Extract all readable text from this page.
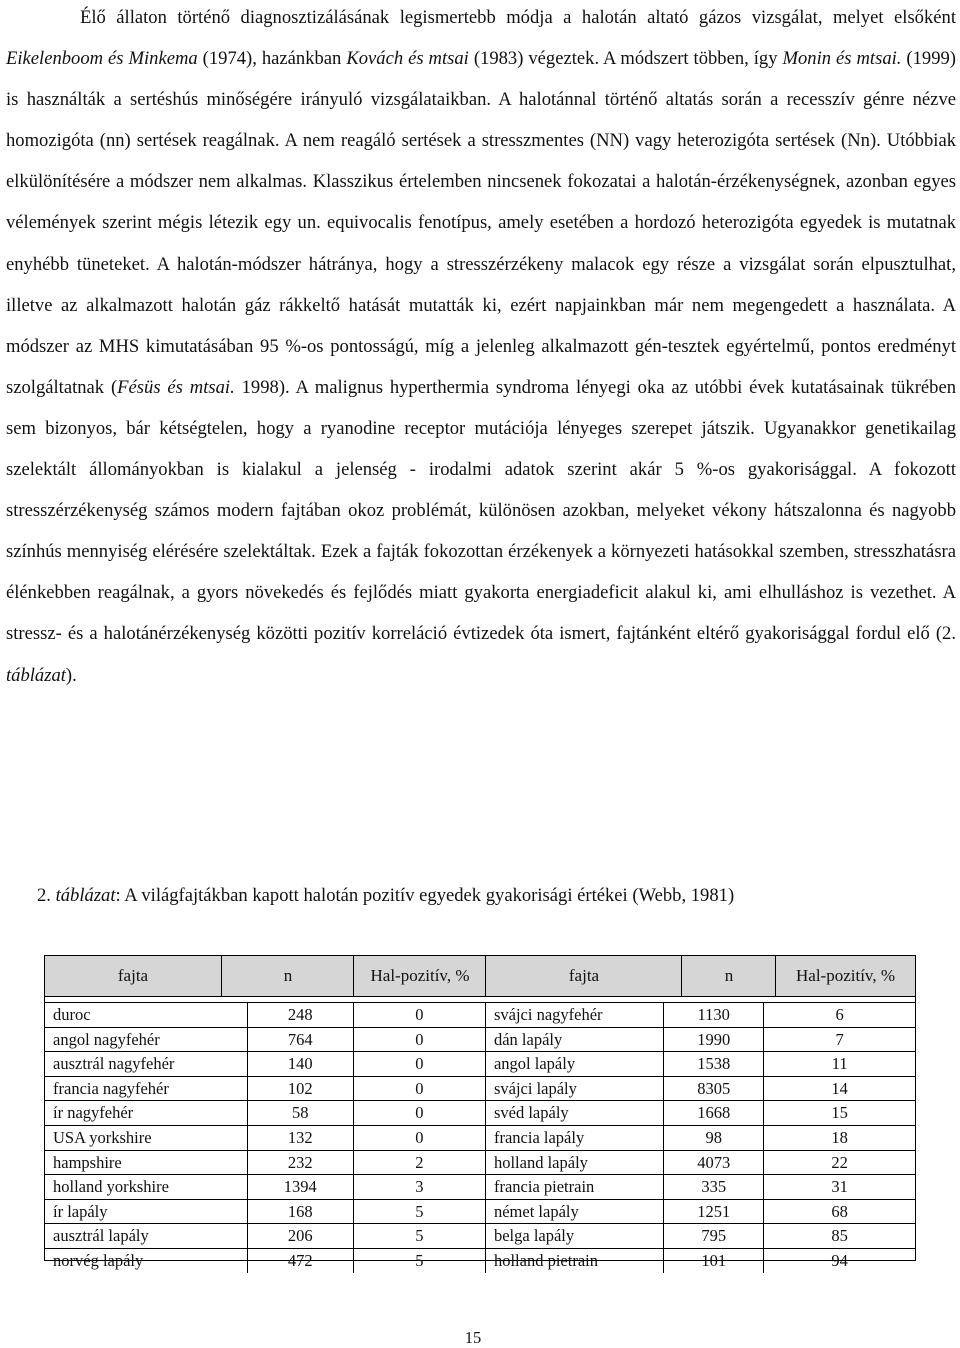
Élő állaton történő diagnosztizálásának legismertebb módja a halotán altató gázos vizsgálat, melyet elsőként Eikelenboom és Minkema (1974), hazánkban Kovách és mtsai (1983) végeztek. A módszert többen, így Monin és mtsai. (1999) is használták a sertéshús minőségére irányuló vizsgálataikban. A halotánnal történő altatás során a recesszív génre nézve homozigóta (nn) sertések reagálnak. A nem reagáló sertések a stresszmentes (NN) vagy heterozigóta sertések (Nn). Utóbbiak elkülönítésére a módszer nem alkalmas. Klasszikus értelemben nincsenek fokozatai a halotán-érzékenységnek, azonban egyes vélemények szerint mégis létezik egy un. equivocalis fenotípus, amely esetében a hordozó heterozigóta egyedek is mutatnak enyhébb tüneteket. A halotán-módszer hátránya, hogy a stresszérzékeny malacok egy része a vizsgálat során elpusztulhat, illetve az alkalmazott halotán gáz rákkeltő hatását mutatták ki, ezért napjainkban már nem megengedett a használata. A módszer az MHS kimutatásában 95 %-os pontosságú, míg a jelenleg alkalmazott gén-tesztek egyértelmű, pontos eredményt szolgáltatnak (Fésüs és mtsai. 1998). A malignus hyperthermia syndroma lényegi oka az utóbbi évek kutatásainak tükrében sem bizonyos, bár kétségtelen, hogy a ryanodine receptor mutációja lényeges szerepet játszik. Ugyanakkor genetikailag szelektált állományokban is kialakul a jelenség - irodalmi adatok szerint akár 5 %-os gyakorisággal. A fokozott stresszérzékenység számos modern fajtában okoz problémát, különösen azokban, melyeket vékony hátszalonna és nagyobb színhús mennyiség elérésére szelektáltak. Ezek a fajták fokozottan érzékenyek a környezeti hatásokkal szemben, stresszhatásra élénkebben reagálnak, a gyors növekedés és fejlődés miatt gyakorta energiadeficit alakul ki, ami elhulláshoz is vezethet. A stressz- és a halotánérzékenység közötti pozitív korreláció évtizedek óta ismert, fajtánként eltérő gyakorisággal fordul elő (2. táblázat).

2. táblázat: A világfajtákban kapott halotán pozitív egyedek gyakorisági értékei (Webb, 1981)

fajta	n	Hal-pozitív, %	fajta	n	Hal-pozitív, %
duroc	248	0	svájci nagyfehér	1130	6
angol nagyfehér	764	0	dán lapály	1990	7
ausztrál nagyfehér	140	0	angol lapály	1538	11
francia nagyfehér	102	0	svájci lapály	8305	14
ír nagyfehér	58	0	svéd lapály	1668	15
USA yorkshire	132	0	francia lapály	98	18
hampshire	232	2	holland lapály	4073	22
holland yorkshire	1394	3	francia pietrain	335	31
ír lapály	168	5	német lapály	1251	68
ausztrál lapály	206	5	belga lapály	795	85
norvég lapály	472	5	holland pietrain	101	94
15
